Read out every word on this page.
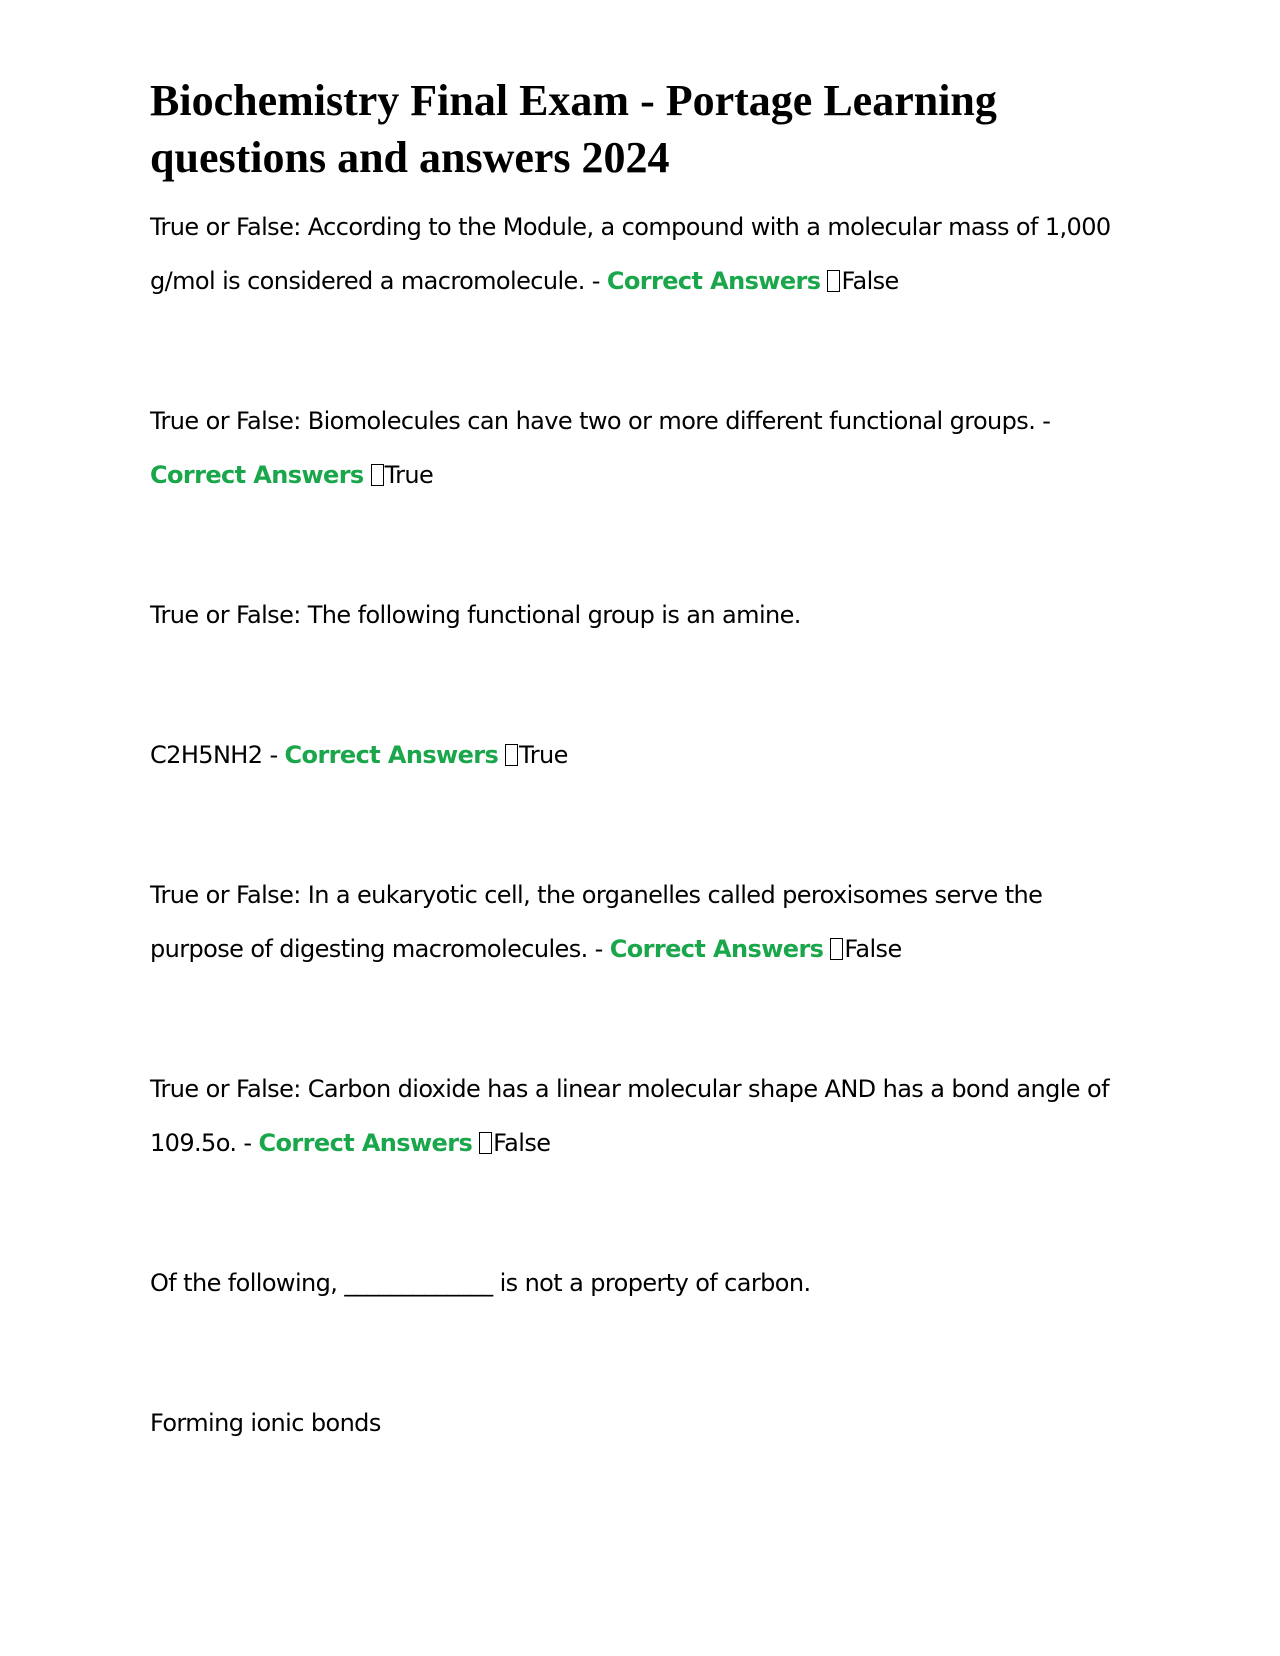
Biochemistry Final Exam - Portage Learning questions and answers 2024

True or False: According to the Module, a compound with a molecular mass of 1,000 g/mol is considered a macromolecule. - Correct Answers False

True or False: Biomolecules can have two or more different functional groups. - Correct Answers True

True or False: The following functional group is an amine.

C2H5NH2 - Correct Answers True

True or False: In a eukaryotic cell, the organelles called peroxisomes serve the purpose of digesting macromolecules. - Correct Answers False

True or False: Carbon dioxide has a linear molecular shape AND has a bond angle of 109.5o. - Correct Answers False

Of the following, _____________ is not a property of carbon.

Forming ionic bonds
